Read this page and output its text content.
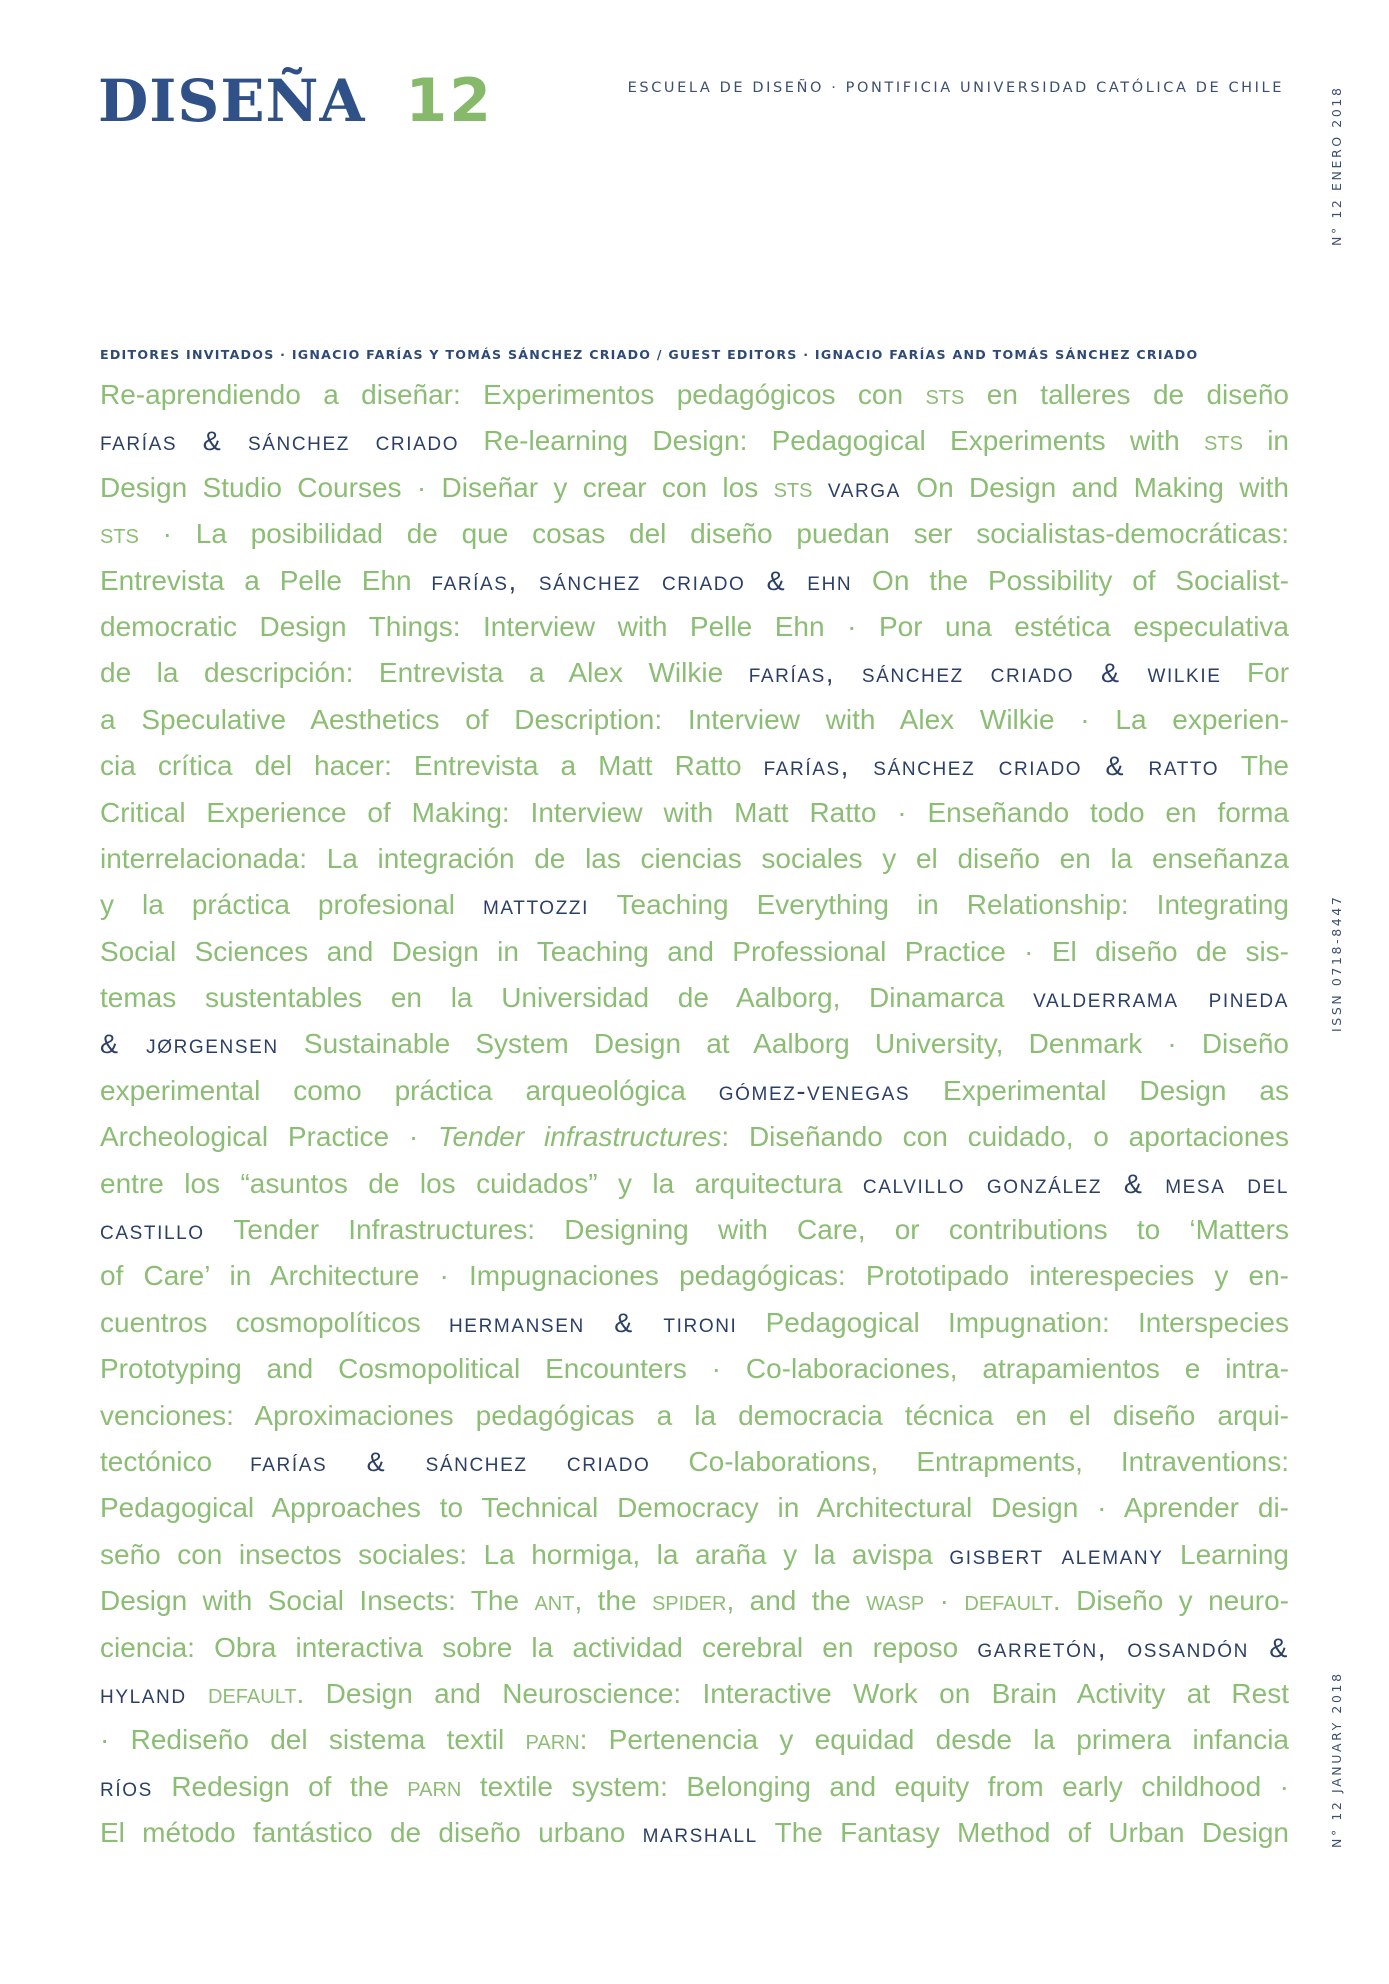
DISEÑA 12	ESCUELA DE DISEÑO · PONTIFICIA UNIVERSIDAD CATÓLICA DE CHILE	N° 12 ENERO 2018
ISSN 0718-8447
N° 12 JANUARY 2018
EDITORES INVITADOS · IGNACIO FARÍAS Y TOMÁS SÁNCHEZ CRIADO / GUEST EDITORS · IGNACIO FARÍAS AND TOMÁS SÁNCHEZ CRIADO
Re-aprendiendo a diseñar: Experimentos pedagógicos con sts en talleres de diseño
farías & sánchez criado Re-learning Design: Pedagogical Experiments with sts in
Design Studio Courses · Diseñar y crear con los sts varga On Design and Making with
sts · La posibilidad de que cosas del diseño puedan ser socialistas-democráticas:
Entrevista a Pelle Ehn farías, sánchez criado & ehn On the Possibility of Socialist-
democratic Design Things: Interview with Pelle Ehn · Por una estética especulativa
de la descripción: Entrevista a Alex Wilkie farías, sánchez criado & wilkie For
a Speculative Aesthetics of Description: Interview with Alex Wilkie · La experien-
cia crítica del hacer: Entrevista a Matt Ratto farías, sánchez criado & ratto The
Critical Experience of Making: Interview with Matt Ratto · Enseñando todo en forma
interrelacionada: La integración de las ciencias sociales y el diseño en la enseñanza
y la práctica profesional mattozzi Teaching Everything in Relationship: Integrating
Social Sciences and Design in Teaching and Professional Practice · El diseño de sis-
temas sustentables en la Universidad de Aalborg, Dinamarca valderrama pineda
& jørgensen Sustainable System Design at Aalborg University, Denmark · Diseño
experimental como práctica arqueológica gómez-venegas Experimental Design as
Archeological Practice · Tender infrastructures: Diseñando con cuidado, o aportaciones
entre los “asuntos de los cuidados” y la arquitectura calvillo gonzález & mesa del
castillo Tender Infrastructures: Designing with Care, or contributions to ‘Matters
of Care’ in Architecture · Impugnaciones pedagógicas: Prototipado interespecies y en-
cuentros cosmopolíticos hermansen & tironi Pedagogical Impugnation: Interspecies
Prototyping and Cosmopolitical Encounters · Co-laboraciones, atrapamientos e intra-
venciones: Aproximaciones pedagógicas a la democracia técnica en el diseño arqui-
tectónico farías & sánchez criado Co-laborations, Entrapments, Intraventions:
Pedagogical Approaches to Technical Democracy in Architectural Design · Aprender di-
seño con insectos sociales: La hormiga, la araña y la avispa gisbert alemany Learning
Design with Social Insects: The ant, the spider, and the wasp · default. Diseño y neuro-
ciencia: Obra interactiva sobre la actividad cerebral en reposo garretón, ossandón &
hyland default. Design and Neuroscience: Interactive Work on Brain Activity at Rest
· Rediseño del sistema textil parn: Pertenencia y equidad desde la primera infancia
ríos Redesign of the parn textile system: Belonging and equity from early childhood ·
El método fantástico de diseño urbano marshall The Fantasy Method of Urban Design
